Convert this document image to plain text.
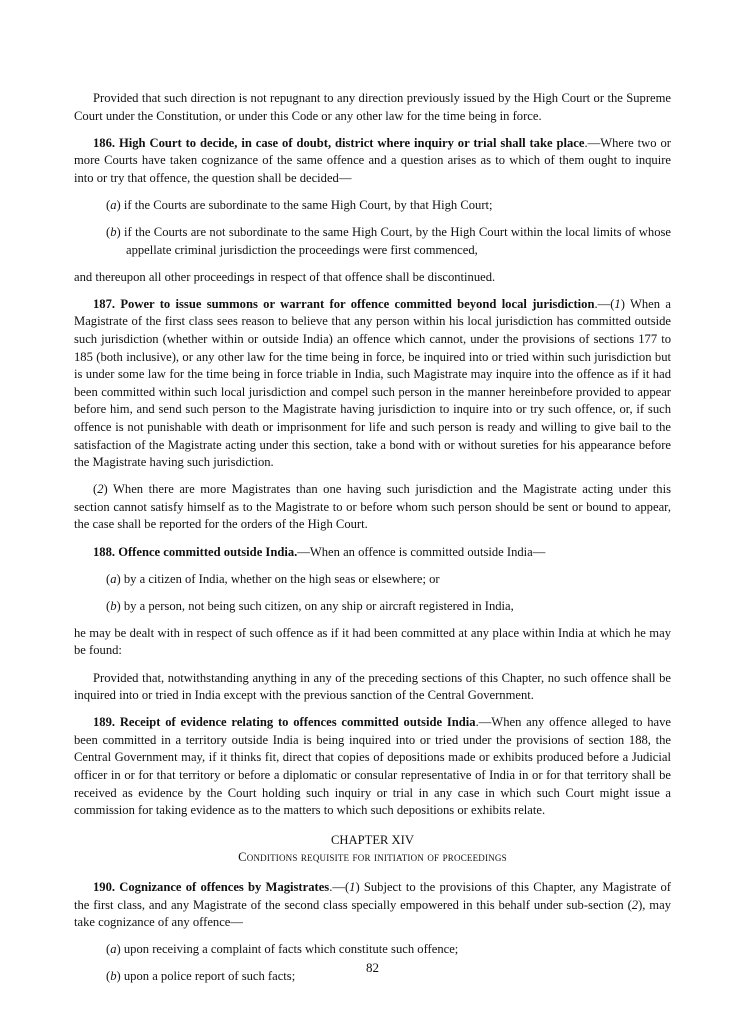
Provided that such direction is not repugnant to any direction previously issued by the High Court or the Supreme Court under the Constitution, or under this Code or any other law for the time being in force.

186. High Court to decide, in case of doubt, district where inquiry or trial shall take place.—Where two or more Courts have taken cognizance of the same offence and a question arises as to which of them ought to inquire into or try that offence, the question shall be decided—

(a) if the Courts are subordinate to the same High Court, by that High Court;

(b) if the Courts are not subordinate to the same High Court, by the High Court within the local limits of whose appellate criminal jurisdiction the proceedings were first commenced,

and thereupon all other proceedings in respect of that offence shall be discontinued.

187. Power to issue summons or warrant for offence committed beyond local jurisdiction.—(1) When a Magistrate of the first class sees reason to believe that any person within his local jurisdiction has committed outside such jurisdiction (whether within or outside India) an offence which cannot, under the provisions of sections 177 to 185 (both inclusive), or any other law for the time being in force, be inquired into or tried within such jurisdiction but is under some law for the time being in force triable in India, such Magistrate may inquire into the offence as if it had been committed within such local jurisdiction and compel such person in the manner hereinbefore provided to appear before him, and send such person to the Magistrate having jurisdiction to inquire into or try such offence, or, if such offence is not punishable with death or imprisonment for life and such person is ready and willing to give bail to the satisfaction of the Magistrate acting under this section, take a bond with or without sureties for his appearance before the Magistrate having such jurisdiction.

(2) When there are more Magistrates than one having such jurisdiction and the Magistrate acting under this section cannot satisfy himself as to the Magistrate to or before whom such person should be sent or bound to appear, the case shall be reported for the orders of the High Court.

188. Offence committed outside India.—When an offence is committed outside India—

(a) by a citizen of India, whether on the high seas or elsewhere; or

(b) by a person, not being such citizen, on any ship or aircraft registered in India,

he may be dealt with in respect of such offence as if it had been committed at any place within India at which he may be found:

Provided that, notwithstanding anything in any of the preceding sections of this Chapter, no such offence shall be inquired into or tried in India except with the previous sanction of the Central Government.

189. Receipt of evidence relating to offences committed outside India.—When any offence alleged to have been committed in a territory outside India is being inquired into or tried under the provisions of section 188, the Central Government may, if it thinks fit, direct that copies of depositions made or exhibits produced before a Judicial officer in or for that territory or before a diplomatic or consular representative of India in or for that territory shall be received as evidence by the Court holding such inquiry or trial in any case in which such Court might issue a commission for taking evidence as to the matters to which such depositions or exhibits relate.

CHAPTER XIV

Conditions requisite for initiation of proceedings

190. Cognizance of offences by Magistrates.—(1) Subject to the provisions of this Chapter, any Magistrate of the first class, and any Magistrate of the second class specially empowered in this behalf under sub-section (2), may take cognizance of any offence—

(a) upon receiving a complaint of facts which constitute such offence;

(b) upon a police report of such facts;

82
